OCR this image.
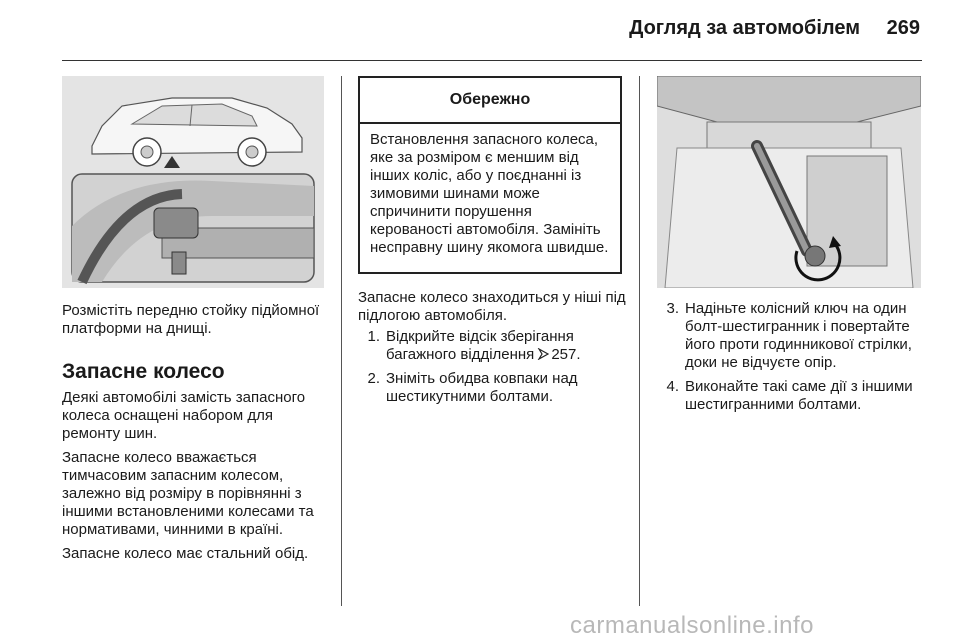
Догляд за автомобілем 269

Розмістіть передню стойку підйомної платформи на днищі.

Запасне колесо

Деякі автомобілі замість запасного колеса оснащені набором для ремонту шин.

Запасне колесо вважається тимчасовим запасним колесом, залежно від розміру в порівнянні з іншими встановленими колесами та нормативами, чинними в країні.

Запасне колесо має стальний обід.

Обережно
Встановлення запасного колеса, яке за розміром є меншим від інших коліс, або у поєднанні із зимовими шинами може спричинити порушення керованості автомобіля. Замініть несправну шину якомога швидше.

Запасне колесо знаходиться у ніші під підлогою автомобіля.

1. Відкрийте відсік зберігання багажного відділення 257.
2. Зніміть обидва ковпаки над шестикутними болтами.
3. Надіньте колісний ключ на один болт-шестигранник і повертайте його проти годинникової стрілки, доки не відчуєте опір.
4. Виконайте такі саме дії з іншими шестигранними болтами.
carmanualsonline.info
